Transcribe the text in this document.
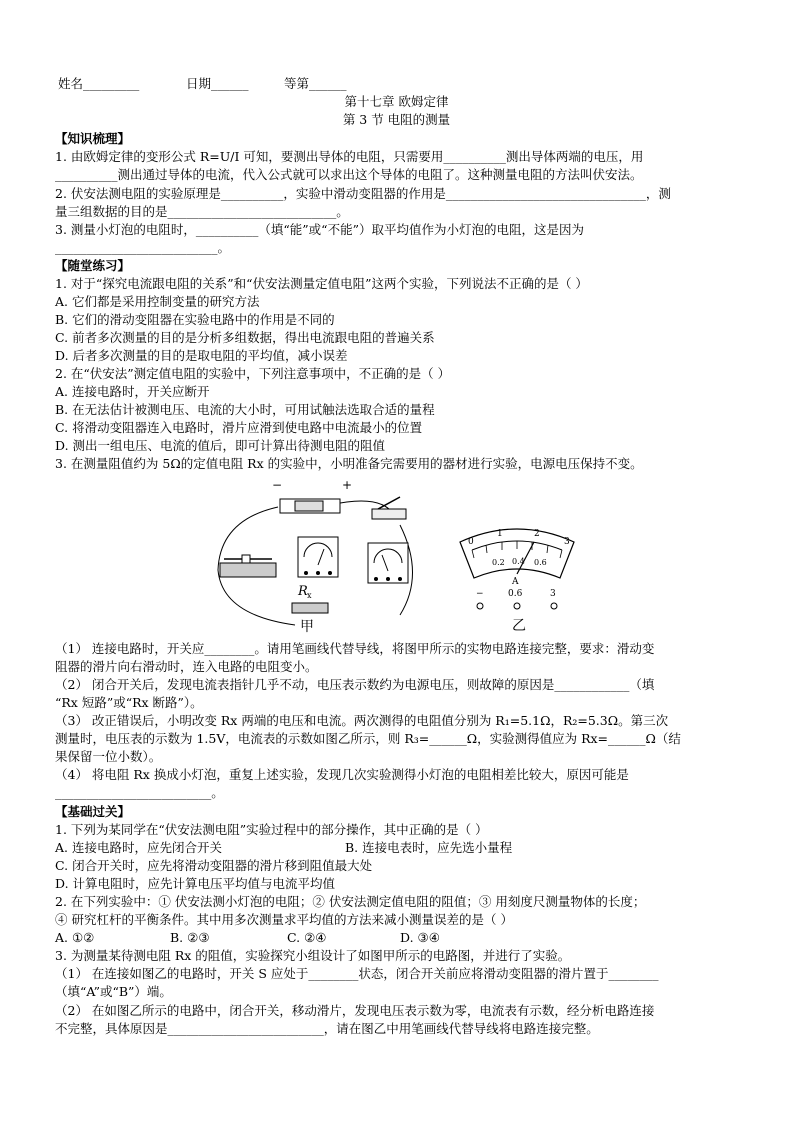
姓名_________	日期______	等第______
第十七章 欧姆定律
第 3 节 电阻的测量
【知识梳理】
1. 由欧姆定律的变形公式 R=U/I 可知，要测出导体的电阻，只需要用__________测出导体两端的电压，用
__________测出通过导体的电流，代入公式就可以求出这个导体的电阻了。这种测量电阻的方法叫伏安法。
2. 伏安法测电阻的实验原理是__________，实验中滑动变阻器的作用是________________________________，测
量三组数据的目的是___________________________。
3. 测量小灯泡的电阻时，__________（填“能”或“不能”）取平均值作为小灯泡的电阻，这是因为
__________________________。
【随堂练习】
1. 对于“探究电流跟电阻的关系”和“伏安法测量定值电阻”这两个实验，下列说法不正确的是（ ）
A. 它们都是采用控制变量的研究方法
B. 它们的滑动变阻器在实验电路中的作用是不同的
C. 前者多次测量的目的是分析多组数据，得出电流跟电阻的普遍关系
D. 后者多次测量的目的是取电阻的平均值，减小误差
2. 在“伏安法”测定值电阻的实验中，下列注意事项中，不正确的是（ ）
A. 连接电路时，开关应断开
B. 在无法估计被测电压、电流的大小时，可用试触法选取合适的量程
C. 将滑动变阻器连入电路时，滑片应滑到使电路中电流最小的位置
D. 测出一组电压、电流的值后，即可计算出待测电阻的阻值
3. 在测量阻值约为 5Ω的定值电阻 Rx 的实验中，小明准备完需要用的器材进行实验，电源电压保持不变。
−	+
R x
甲
0
1	2
3
0.2 0.4 0.6
A
−	0.6	3
乙
（1） 连接电路时，开关应________。请用笔画线代替导线，将图甲所示的实物电路连接完整，要求：滑动变
阻器的滑片向右滑动时，连入电路的电阻变小。
（2） 闭合开关后，发现电流表指针几乎不动，电压表示数约为电源电压，则故障的原因是____________（填
“Rx 短路”或“Rx 断路”）。
（3） 改正错误后，小明改变 Rx 两端的电压和电流。两次测得的电阻值分别为 R₁=5.1Ω，R₂=5.3Ω。第三次
测量时，电压表的示数为 1.5V，电流表的示数如图乙所示，则 R₃=______Ω，实验测得值应为 Rx=______Ω（结
果保留一位小数）。
（4） 将电阻 Rx 换成小灯泡，重复上述实验，发现几次实验测得小灯泡的电阻相差比较大，原因可能是
_________________________。
【基础过关】
1. 下列为某同学在“伏安法测电阻”实验过程中的部分操作，其中正确的是（ ）
A. 连接电路时，应先闭合开关	B. 连接电表时，应先选小量程
C. 闭合开关时，应先将滑动变阻器的滑片移到阻值最大处
D. 计算电阻时，应先计算电压平均值与电流平均值
2. 在下列实验中：① 伏安法测小灯泡的电阻；② 伏安法测定值电阻的阻值；③ 用刻度尺测量物体的长度；
④ 研究杠杆的平衡条件。其中用多次测量求平均值的方法来减小测量误差的是（ ）
A. ①②	B. ②③	C. ②④	D. ③④
3. 为测量某待测电阻 Rx 的阻值，实验探究小组设计了如图甲所示的电路图，并进行了实验。
（1） 在连接如图乙的电路时，开关 S 应处于________状态，闭合开关前应将滑动变阻器的滑片置于________
（填“A”或“B”）端。
（2） 在如图乙所示的电路中，闭合开关，移动滑片，发现电压表示数为零，电流表有示数，经分析电路连接
不完整，具体原因是_________________________，请在图乙中用笔画线代替导线将电路连接完整。
